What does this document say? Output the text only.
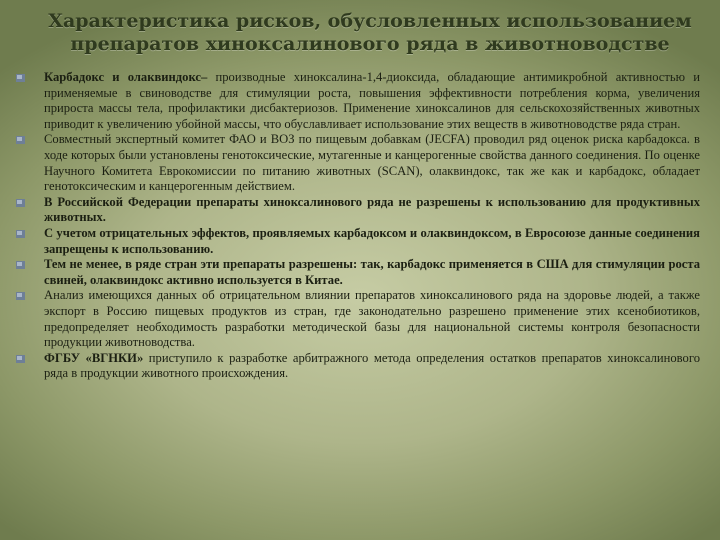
Характеристика рисков, обусловленных использованием препаратов хиноксалинового ряда в животноводстве
Карбадокс и олаквиндокс– производные хиноксалина-1,4-диоксида, обладающие антимикробной активностью и применяемые в свиноводстве для стимуляции роста, повышения эффективности потребления корма, увеличения прироста массы тела, профилактики дисбактериозов. Применение хиноксалинов для сельскохозяйственных животных приводит к увеличению убойной массы, что обуславливает использование этих веществ в животноводстве ряда стран.
Совместный экспертный комитет ФАО и ВОЗ по пищевым добавкам (JECFA) проводил ряд оценок риска карбадокса. в ходе которых были установлены генотоксические, мутагенные и канцерогенные свойства данного соединения. По оценке Научного Комитета Еврокомиссии по питанию животных (SCAN), олаквиндокс, так же как и карбадокс, обладает генотоксическим и канцерогенным действием.
В Российской Федерации препараты хиноксалинового ряда не разрешены к использованию для продуктивных животных.
С учетом отрицательных эффектов, проявляемых карбадоксом и олаквиндоксом, в Евросоюзе данные соединения запрещены к использованию.
Тем не менее, в ряде стран эти препараты разрешены: так, карбадокс применяется в США для стимуляции роста свиней, олаквиндокс активно используется в Китае.
Анализ имеющихся данных об отрицательном влиянии препаратов хиноксалинового ряда на здоровье людей, а также экспорт в Россию пищевых продуктов из стран, где законодательно разрешено применение этих ксенобиотиков, предопределяет необходимость разработки методической базы для национальной системы контроля безопасности продукции животноводства.
ФГБУ «ВГНКИ» приступило к разработке арбитражного метода определения остатков препаратов хиноксалинового ряда в продукции животного происхождения.
